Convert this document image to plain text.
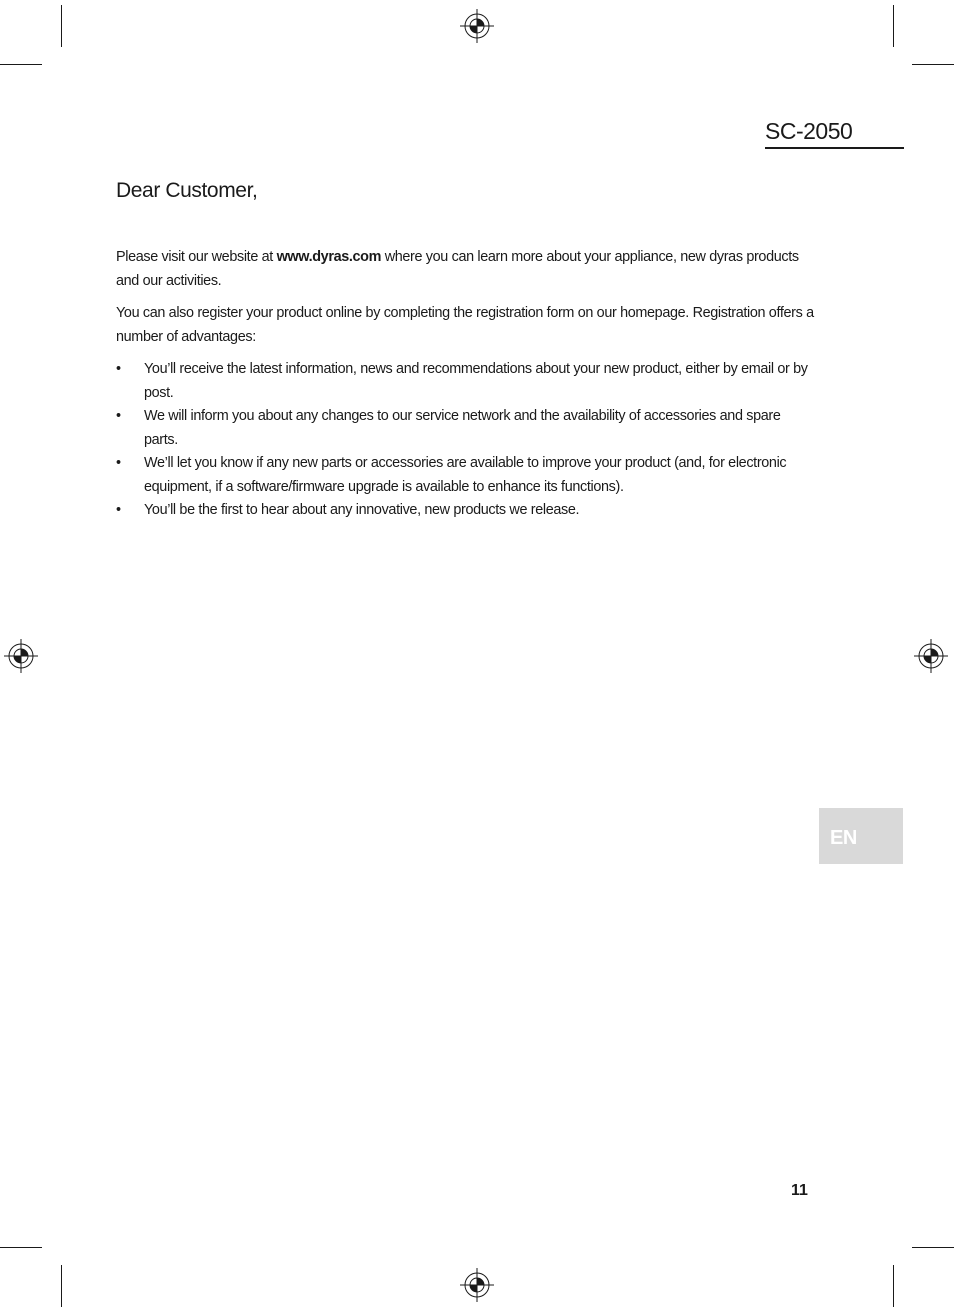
SC-2050
Dear Customer,

Please visit our website at www.dyras.com where you can learn more about your appliance, new dyras products and our activities.

You can also register your product online by completing the registration form on our homepage. Registration offers a number of advantages:

• You’ll receive the latest information, news and recommendations about your new product, either by email or by post.
• We will inform you about any changes to our service network and the availability of accessories and spare parts.
• We’ll let you know if any new parts or accessories are available to improve your product (and, for electronic equipment, if a software/firmware upgrade is available to enhance its functions).
• You’ll be the first to hear about any innovative, new products we release.
EN
11
